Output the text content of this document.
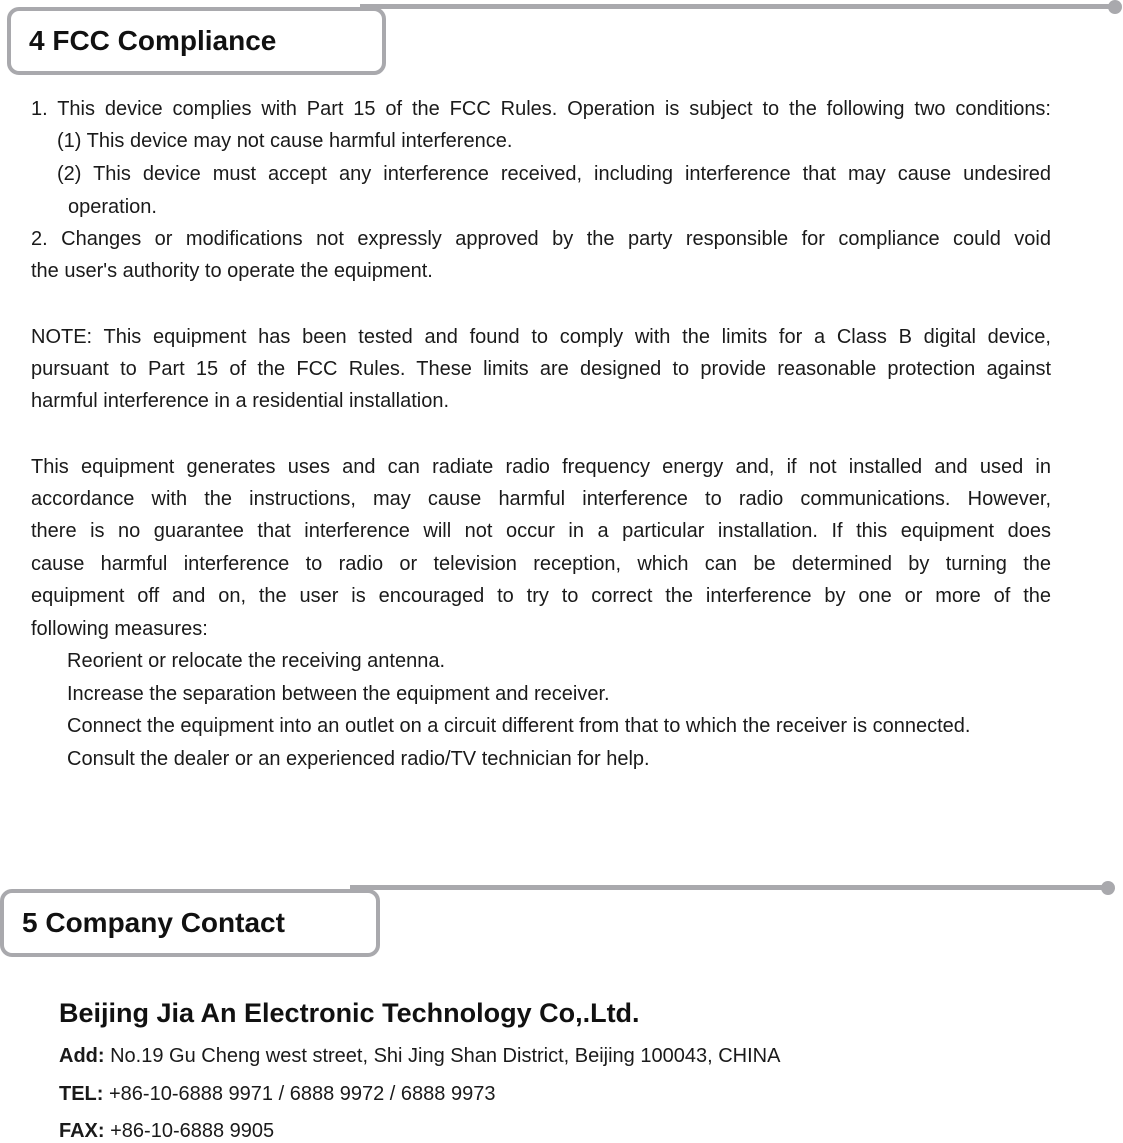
4 FCC Compliance
1. This device complies with Part 15 of the FCC Rules. Operation is subject to the following two conditions:
(1) This device may not cause harmful interference.
(2) This device must accept any interference received, including interference that may cause undesired
operation.
2. Changes or modifications not expressly approved by the party responsible for compliance could void
the user's authority to operate the equipment.
NOTE: This equipment has been tested and found to comply with the limits for a Class B digital device,
pursuant to Part 15 of the FCC Rules. These limits are designed to provide reasonable protection against
harmful interference in a residential installation.
This equipment generates uses and can radiate radio frequency energy and, if not installed and used in
accordance with the instructions, may cause harmful interference to radio communications. However,
there is no guarantee that interference will not occur in a particular installation. If this equipment does
cause harmful interference to radio or television reception, which can be determined by turning the
equipment off and on, the user is encouraged to try to correct the interference by one or more of the
following measures:
Reorient or relocate the receiving antenna.
Increase the separation between the equipment and receiver.
Connect the equipment into an outlet on a circuit different from that to which the receiver is connected.
Consult the dealer or an experienced radio/TV technician for help.
5 Company Contact
Beijing Jia An Electronic Technology Co,.Ltd.
Add: No.19 Gu Cheng west street, Shi Jing Shan District, Beijing 100043, CHINA
TEL: +86-10-6888 9971 / 6888 9972 / 6888 9973
FAX: +86-10-6888 9905
